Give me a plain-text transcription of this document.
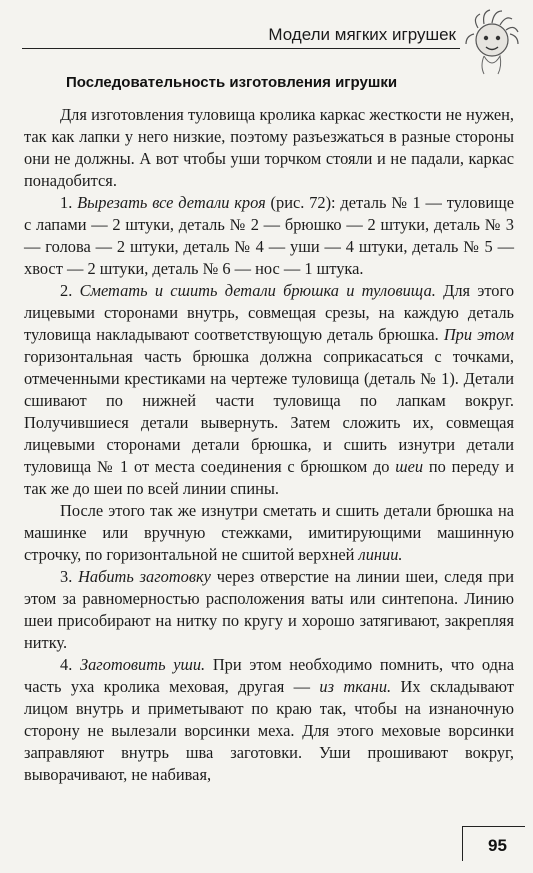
Модели мягких игрушек
Последовательность изготовления игрушки

Для изготовления туловища кролика каркас жесткости не нужен, так как лапки у него низкие, поэтому разъезжаться в разные стороны они не должны. А вот чтобы уши торчком стояли и не падали, каркас понадобится.

1. Вырезать все детали кроя (рис. 72): деталь № 1 — туловище с лапами — 2 штуки, деталь № 2 — брюшко — 2 штуки, деталь № 3 — голова — 2 штуки, деталь № 4 — уши — 4 штуки, деталь № 5 — хвост — 2 штуки, деталь № 6 — нос — 1 штука.

2. Сметать и сшить детали брюшка и туловища. Для этого лицевыми сторонами внутрь, совмещая срезы, на каждую деталь туловища накладывают соответствующую деталь брюшка. При этом горизонтальная часть брюшка должна соприкасаться с точками, отмеченными крестиками на чертеже туловища (деталь № 1). Детали сшивают по нижней части туловища по лапкам вокруг. Получившиеся детали вывернуть. Затем сложить их, совмещая лицевыми сторонами детали брюшка, и сшить изнутри детали туловища № 1 от места соединения с брюшком до шеи по переду и так же до шеи по всей линии спины.

После этого так же изнутри сметать и сшить детали брюшка на машинке или вручную стежками, имитирующими машинную строчку, по горизонтальной не сшитой верхней линии.

3. Набить заготовку через отверстие на линии шеи, следя при этом за равномерностью расположения ваты или синтепона. Линию шеи присобирают на нитку по кругу и хорошо затягивают, закрепляя нитку.

4. Заготовить уши. При этом необходимо помнить, что одна часть уха кролика меховая, другая — из ткани. Их складывают лицом внутрь и приметывают по краю так, чтобы на изнаночную сторону не вылезали ворсинки меха. Для этого меховые ворсинки заправляют внутрь шва заготовки. Уши прошивают вокруг, выворачивают, не набивая,

95
